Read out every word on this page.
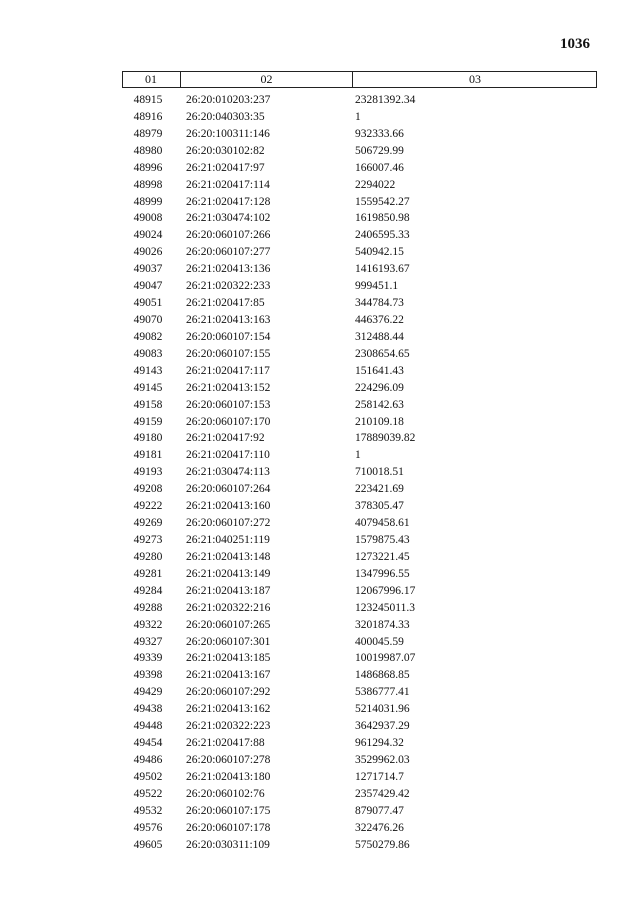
1036
01	02	03
48915	26:20:010203:237	23281392.34
48916	26:20:040303:35	1
48979	26:20:100311:146	932333.66
48980	26:20:030102:82	506729.99
48996	26:21:020417:97	166007.46
48998	26:21:020417:114	2294022
48999	26:21:020417:128	1559542.27
49008	26:21:030474:102	1619850.98
49024	26:20:060107:266	2406595.33
49026	26:20:060107:277	540942.15
49037	26:21:020413:136	1416193.67
49047	26:21:020322:233	999451.1
49051	26:21:020417:85	344784.73
49070	26:21:020413:163	446376.22
49082	26:20:060107:154	312488.44
49083	26:20:060107:155	2308654.65
49143	26:21:020417:117	151641.43
49145	26:21:020413:152	224296.09
49158	26:20:060107:153	258142.63
49159	26:20:060107:170	210109.18
49180	26:21:020417:92	17889039.82
49181	26:21:020417:110	1
49193	26:21:030474:113	710018.51
49208	26:20:060107:264	223421.69
49222	26:21:020413:160	378305.47
49269	26:20:060107:272	4079458.61
49273	26:21:040251:119	1579875.43
49280	26:21:020413:148	1273221.45
49281	26:21:020413:149	1347996.55
49284	26:21:020413:187	12067996.17
49288	26:21:020322:216	123245011.3
49322	26:20:060107:265	3201874.33
49327	26:20:060107:301	400045.59
49339	26:21:020413:185	10019987.07
49398	26:21:020413:167	1486868.85
49429	26:20:060107:292	5386777.41
49438	26:21:020413:162	5214031.96
49448	26:21:020322:223	3642937.29
49454	26:21:020417:88	961294.32
49486	26:20:060107:278	3529962.03
49502	26:21:020413:180	1271714.7
49522	26:20:060102:76	2357429.42
49532	26:20:060107:175	879077.47
49576	26:20:060107:178	322476.26
49605	26:20:030311:109	5750279.86
